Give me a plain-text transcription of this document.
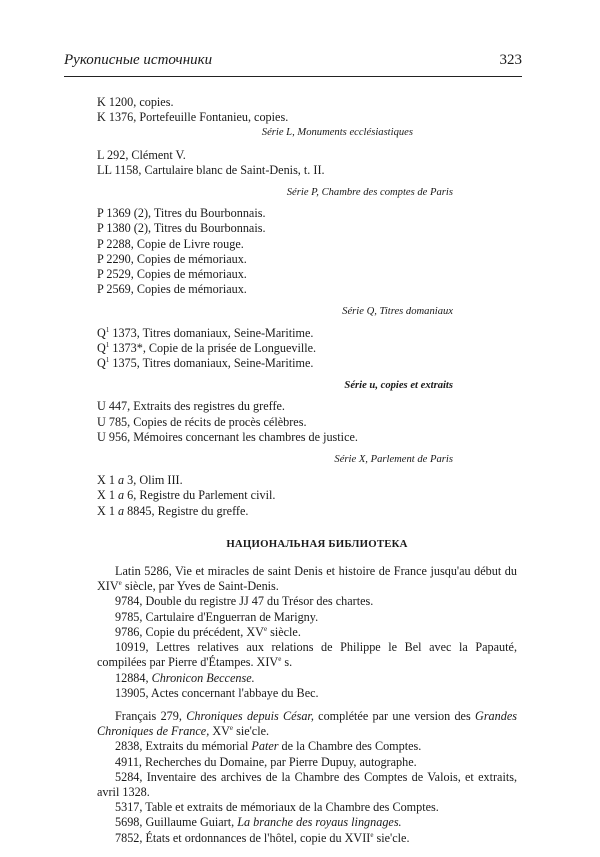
Рукописные источники	323
K 1200, copies.
K 1376, Portefeuille Fontanieu, copies.
Série L, Monuments ecclésiastiques
L 292, Clément V.
LL 1158, Cartulaire blanc de Saint-Denis, t. II.
Série P, Chambre des comptes de Paris
P 1369 (2), Titres du Bourbonnais.
P 1380 (2), Titres du Bourbonnais.
P 2288, Copie de Livre rouge.
P 2290, Copies de mémoriaux.
P 2529, Copies de mémoriaux.
P 2569, Copies de mémoriaux.
Série Q, Titres domaniaux
$Q^1$ 1373, Titres domaniaux, Seine-Maritime.
$Q^1$ 1373*, Copie de la prisée de Longueville.
$Q^1$ 1375, Titres domaniaux, Seine-Maritime.
Série u, copies et extraits
U 447, Extraits des registres du greffe.
U 785, Copies de récits de procès célèbres.
U 956, Mémoires concernant les chambres de justice.
Série X, Parlement de Paris
X 1 a 3, Olim III.
X 1 a 6, Registre du Parlement civil.
X 1 a 8845, Registre du greffe.
НАЦИОНАЛЬНАЯ БИБЛИОТЕКА
Latin 5286, Vie et miracles de saint Denis et histoire de France jusqu'au début du XIVe siècle, par Yves de Saint-Denis.
9784, Double du registre JJ 47 du Trésor des chartes.
9785, Cartulaire d'Enguerran de Marigny.
9786, Copie du précédent, XVe siècle.
10919, Lettres relatives aux relations de Philippe le Bel avec la Papauté, compilées par Pierre d'Étampes. XIVe s.
12884, Chronicon Beccense.
13905, Actes concernant l'abbaye du Bec.
Français 279, Chroniques depuis César, complétée par une version des Grandes Chroniques de France, XVe sie'cle.
2838, Extraits du mémorial Pater de la Chambre des Comptes.
4911, Recherches du Domaine, par Pierre Dupuy, autographe.
5284, Inventaire des archives de la Chambre des Comptes de Valois, et extraits, avril 1328.
5317, Table et extraits de mémoriaux de la Chambre des Comptes.
5698, Guillaume Guiart, La branche des royaus lingnages.
7852, États et ordonnances de l'hôtel, copie du XVIIe sie'cle.
